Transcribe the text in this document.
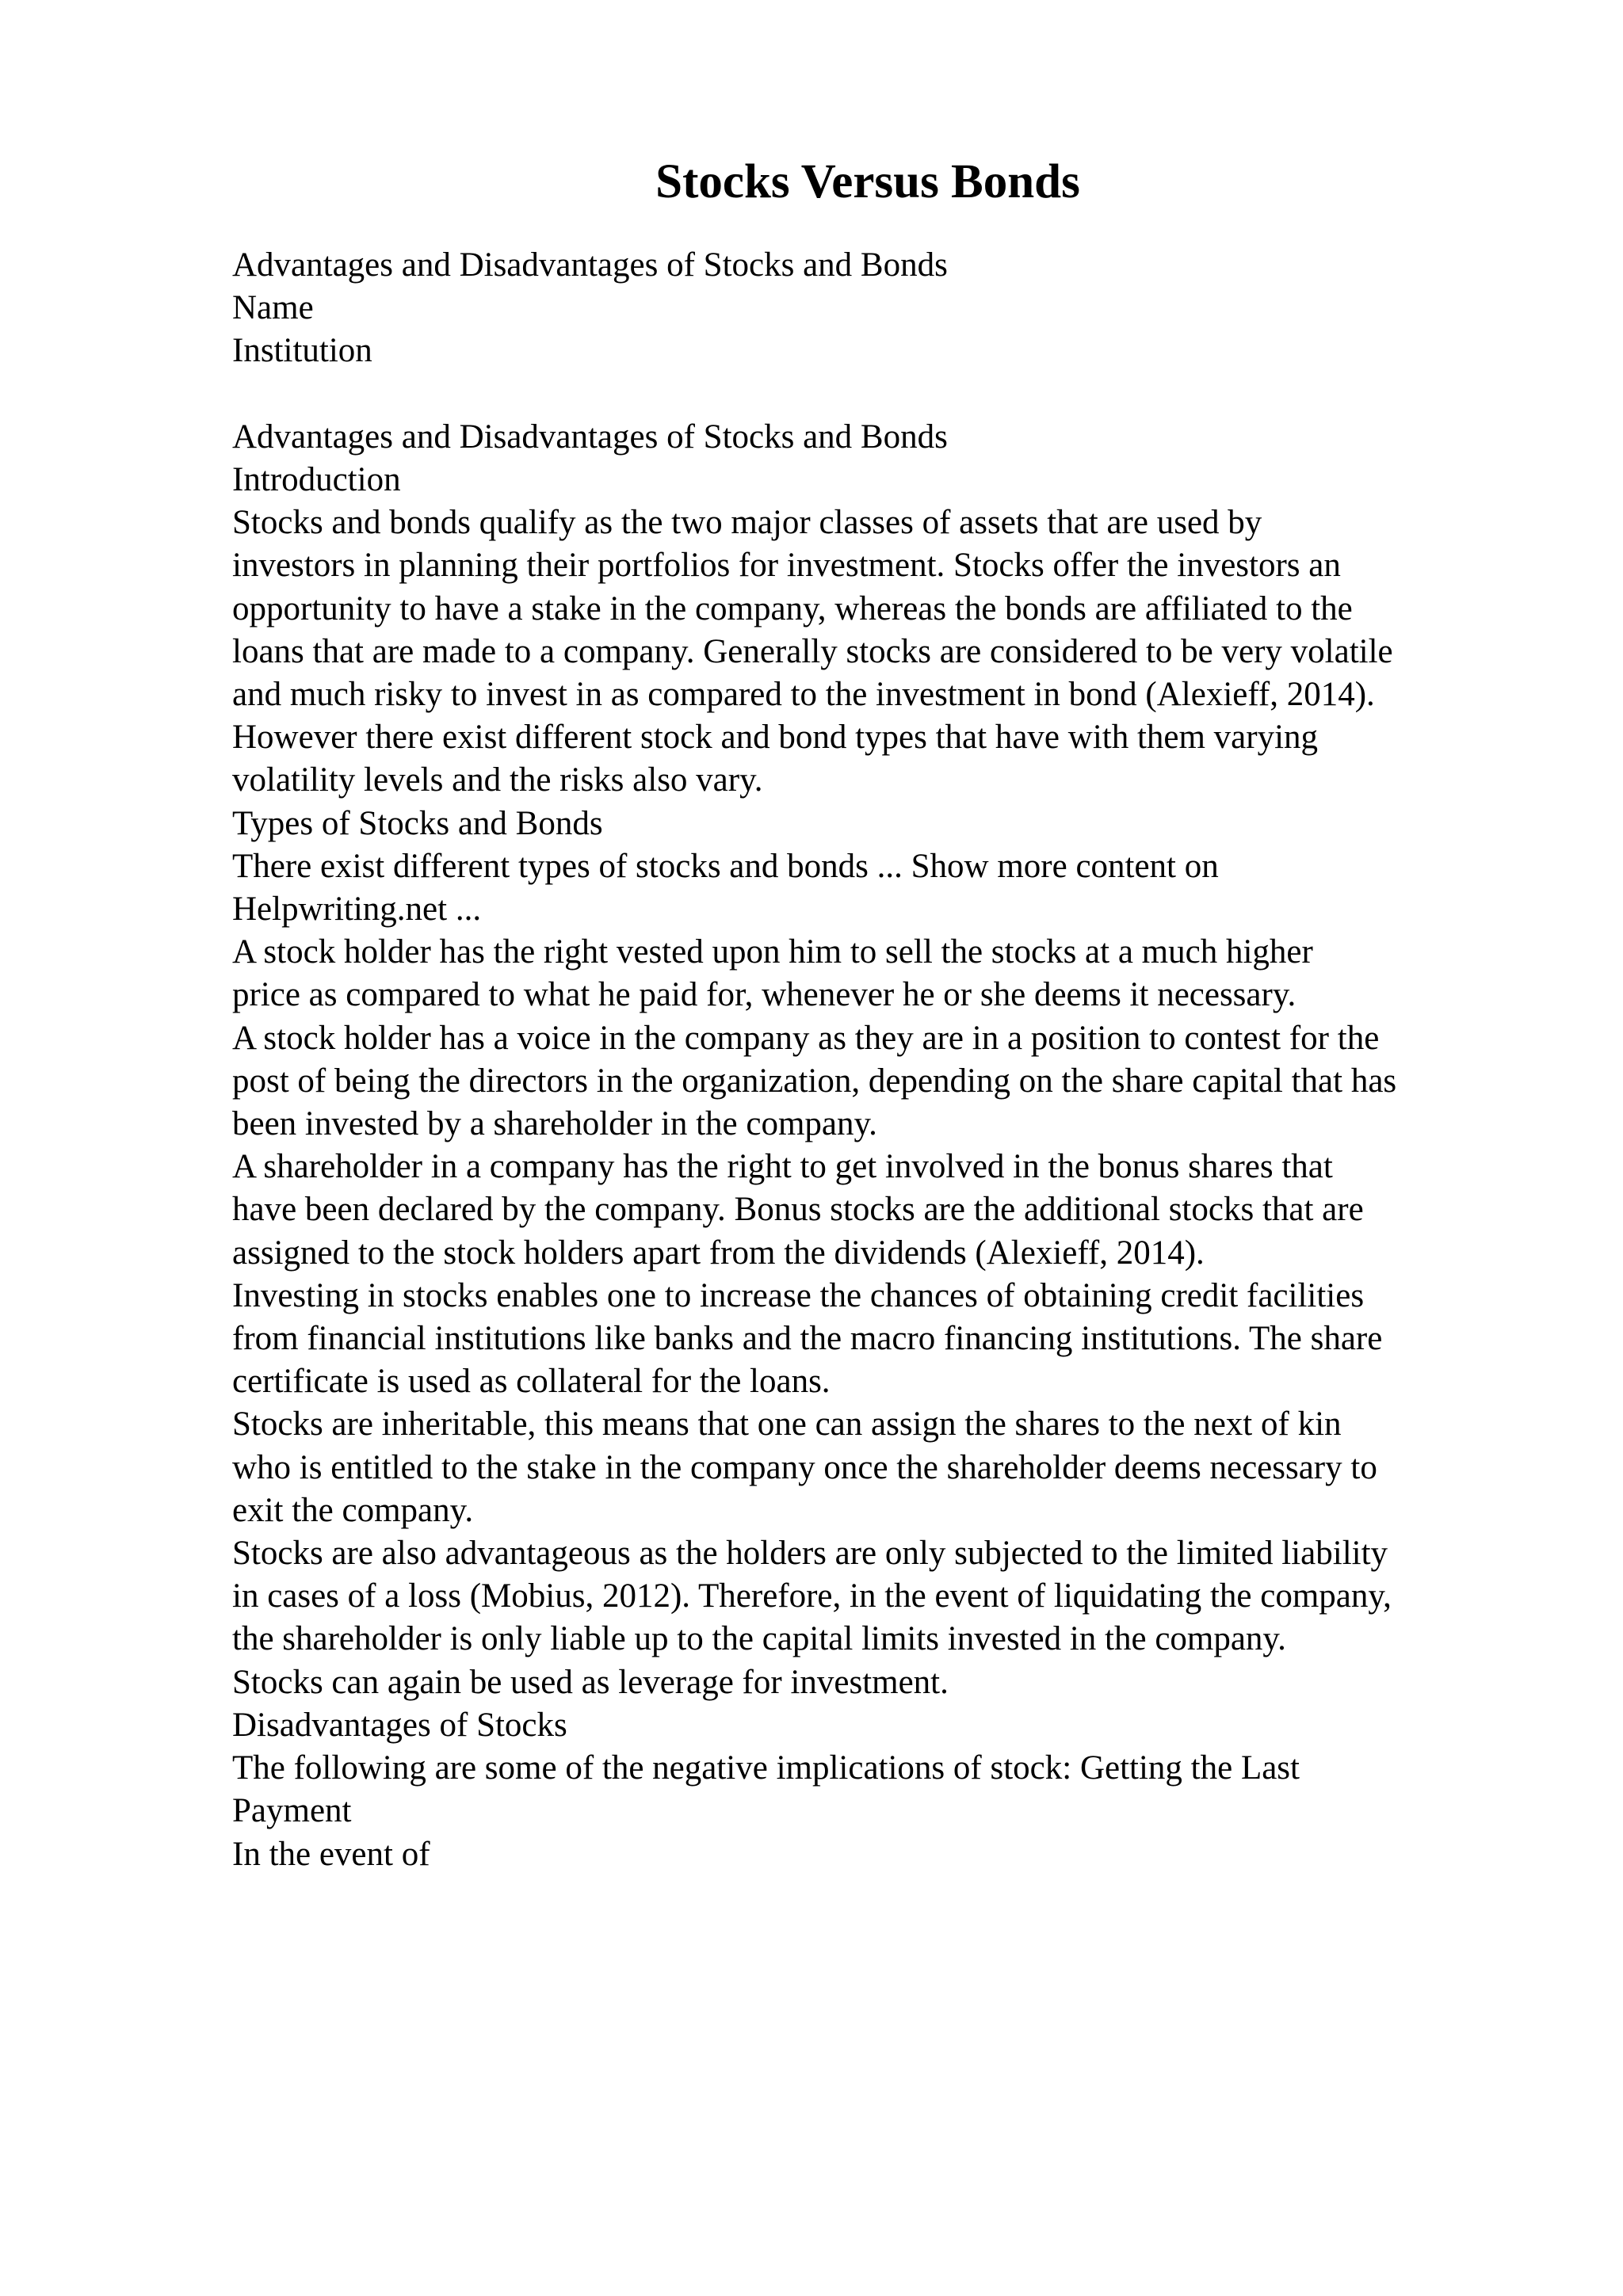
Stocks Versus Bonds
Advantages and Disadvantages of Stocks and Bonds
Name
Institution
Advantages and Disadvantages of Stocks and Bonds
Introduction
Stocks and bonds qualify as the two major classes of assets that are used by
investors in planning their portfolios for investment. Stocks offer the investors an
opportunity to have a stake in the company, whereas the bonds are affiliated to the
loans that are made to a company. Generally stocks are considered to be very volatile
and much risky to invest in as compared to the investment in bond (Alexieff, 2014).
However there exist different stock and bond types that have with them varying
volatility levels and the risks also vary.
Types of Stocks and Bonds
There exist different types of stocks and bonds ... Show more content on
Helpwriting.net ...
A stock holder has the right vested upon him to sell the stocks at a much higher
price as compared to what he paid for, whenever he or she deems it necessary.
A stock holder has a voice in the company as they are in a position to contest for the
post of being the directors in the organization, depending on the share capital that has
been invested by a shareholder in the company.
A shareholder in a company has the right to get involved in the bonus shares that
have been declared by the company. Bonus stocks are the additional stocks that are
assigned to the stock holders apart from the dividends (Alexieff, 2014).
Investing in stocks enables one to increase the chances of obtaining credit facilities
from financial institutions like banks and the macro financing institutions. The share
certificate is used as collateral for the loans.
Stocks are inheritable, this means that one can assign the shares to the next of kin
who is entitled to the stake in the company once the shareholder deems necessary to
exit the company.
Stocks are also advantageous as the holders are only subjected to the limited liability
in cases of a loss (Mobius, 2012). Therefore, in the event of liquidating the company,
the shareholder is only liable up to the capital limits invested in the company.
Stocks can again be used as leverage for investment.
Disadvantages of Stocks
The following are some of the negative implications of stock: Getting the Last
Payment
In the event of
